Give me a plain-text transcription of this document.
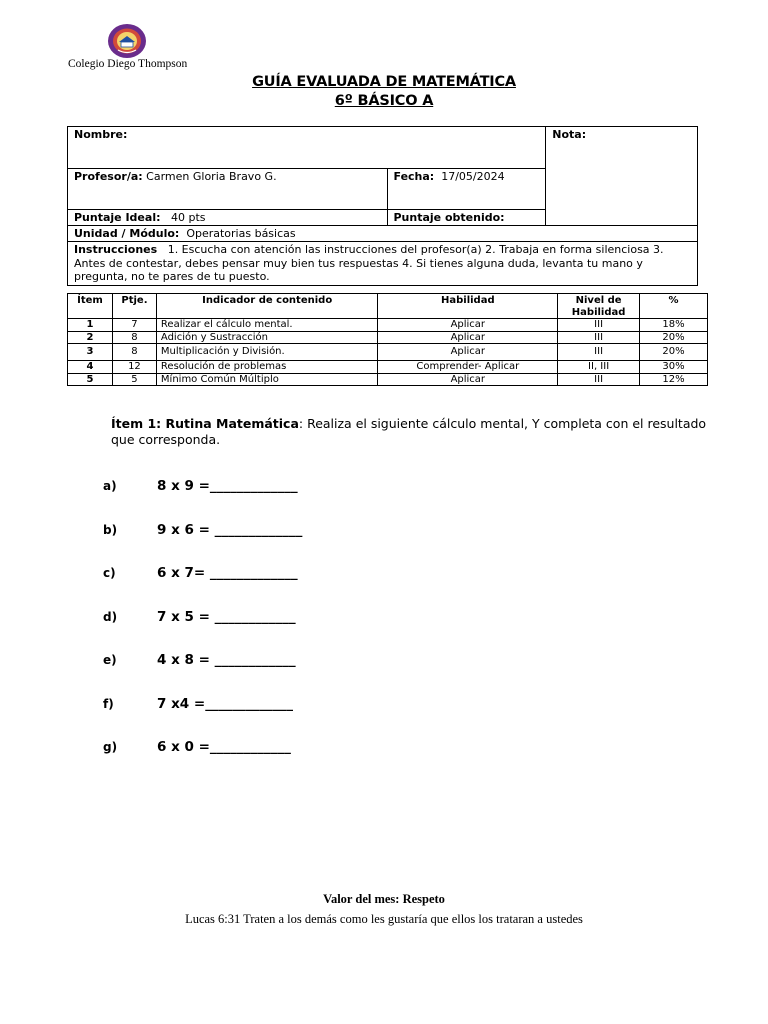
Colegio Diego Thompson
GUÍA EVALUADA DE MATEMÁTICA
6º BÁSICO A
Nombre:		Nota:
Profesor/a: Carmen Gloria Bravo G.	Fecha:  17/05/2024	
Puntaje Ideal:   40 pts	Puntaje obtenido:	
Unidad / Módulo:  Operatorias básicas		
Instrucciones   1. Escucha con atención las instrucciones del profesor(a) 2. Trabaja en forma silenciosa 3. Antes de contestar, debes pensar muy bien tus respuestas 4. Si tienes alguna duda, levanta tu mano y pregunta, no te pares de tu puesto.		
Ítem	Ptje.	Indicador de contenido	Habilidad	Nivel de Habilidad	%
1	7	Realizar el cálculo mental.	Aplicar	III	18%
2	8	Adición y Sustracción	Aplicar	III	20%
3	8	Multiplicación y División.	Aplicar	III	20%
4	12	Resolución de problemas	Comprender- Aplicar	II, III	30%
5	5	Mínimo Común Múltiplo	Aplicar	III	12%
Ítem 1: Rutina Matemática: Realiza el siguiente cálculo mental, Y completa con el resultado que corresponda.
a)	8 x 9 =_____________
b)	9 x 6 = _____________
c)	6 x 7= _____________
d)	7 x 5 = ____________
e)	4 x 8 = ____________
f)	7 x4 =_____________
g)	6 x 0 =____________
Valor del mes: Respeto
Lucas 6:31 Traten a los demás como les gustaría que ellos los trataran a ustedes
